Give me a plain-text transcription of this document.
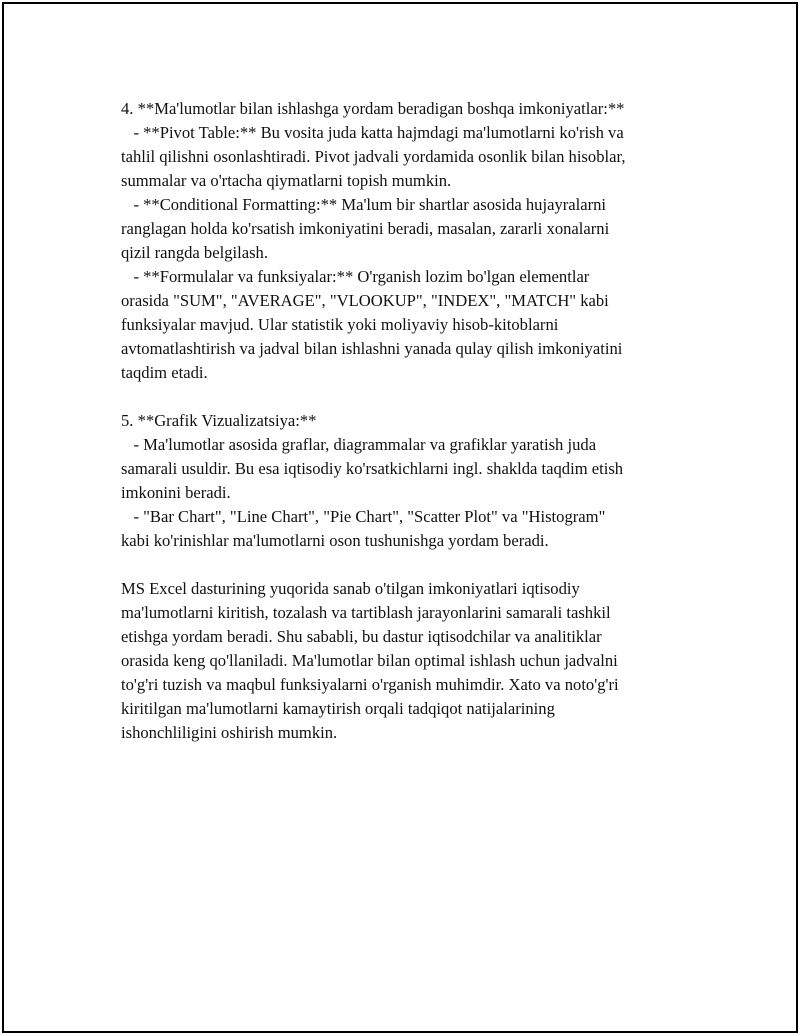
4. **Ma'lumotlar bilan ishlashga yordam beradigan boshqa imkoniyatlar:**
- **Pivot Table:** Bu vosita juda katta hajmdagi ma'lumotlarni ko'rish va
tahlil qilishni osonlashtiradi. Pivot jadvali yordamida osonlik bilan hisoblar,
summalar va o'rtacha qiymatlarni topish mumkin.
- **Conditional Formatting:** Ma'lum bir shartlar asosida hujayralarni
ranglagan holda ko'rsatish imkoniyatini beradi, masalan, zararli xonalarni
qizil rangda belgilash.
- **Formulalar va funksiyalar:** O'rganish lozim bo'lgan elementlar
orasida "SUM", "AVERAGE", "VLOOKUP", "INDEX", "MATCH" kabi
funksiyalar mavjud. Ular statistik yoki moliyaviy hisob-kitoblarni
avtomatlashtirish va jadval bilan ishlashni yanada qulay qilish imkoniyatini
taqdim etadi.
5. **Grafik Vizualizatsiya:**
- Ma'lumotlar asosida graflar, diagrammalar va grafiklar yaratish juda
samarali usuldir. Bu esa iqtisodiy ko'rsatkichlarni ingl. shaklda taqdim etish
imkonini beradi.
- "Bar Chart", "Line Chart", "Pie Chart", "Scatter Plot" va "Histogram"
kabi ko'rinishlar ma'lumotlarni oson tushunishga yordam beradi.
MS Excel dasturining yuqorida sanab o'tilgan imkoniyatlari iqtisodiy
ma'lumotlarni kiritish, tozalash va tartiblash jarayonlarini samarali tashkil
etishga yordam beradi. Shu sababli, bu dastur iqtisodchilar va analitiklar
orasida keng qo'llaniladi. Ma'lumotlar bilan optimal ishlash uchun jadvalni
to'g'ri tuzish va maqbul funksiyalarni o'rganish muhimdir. Xato va noto'g'ri
kiritilgan ma'lumotlarni kamaytirish orqali tadqiqot natijalarining
ishonchliligini oshirish mumkin.
